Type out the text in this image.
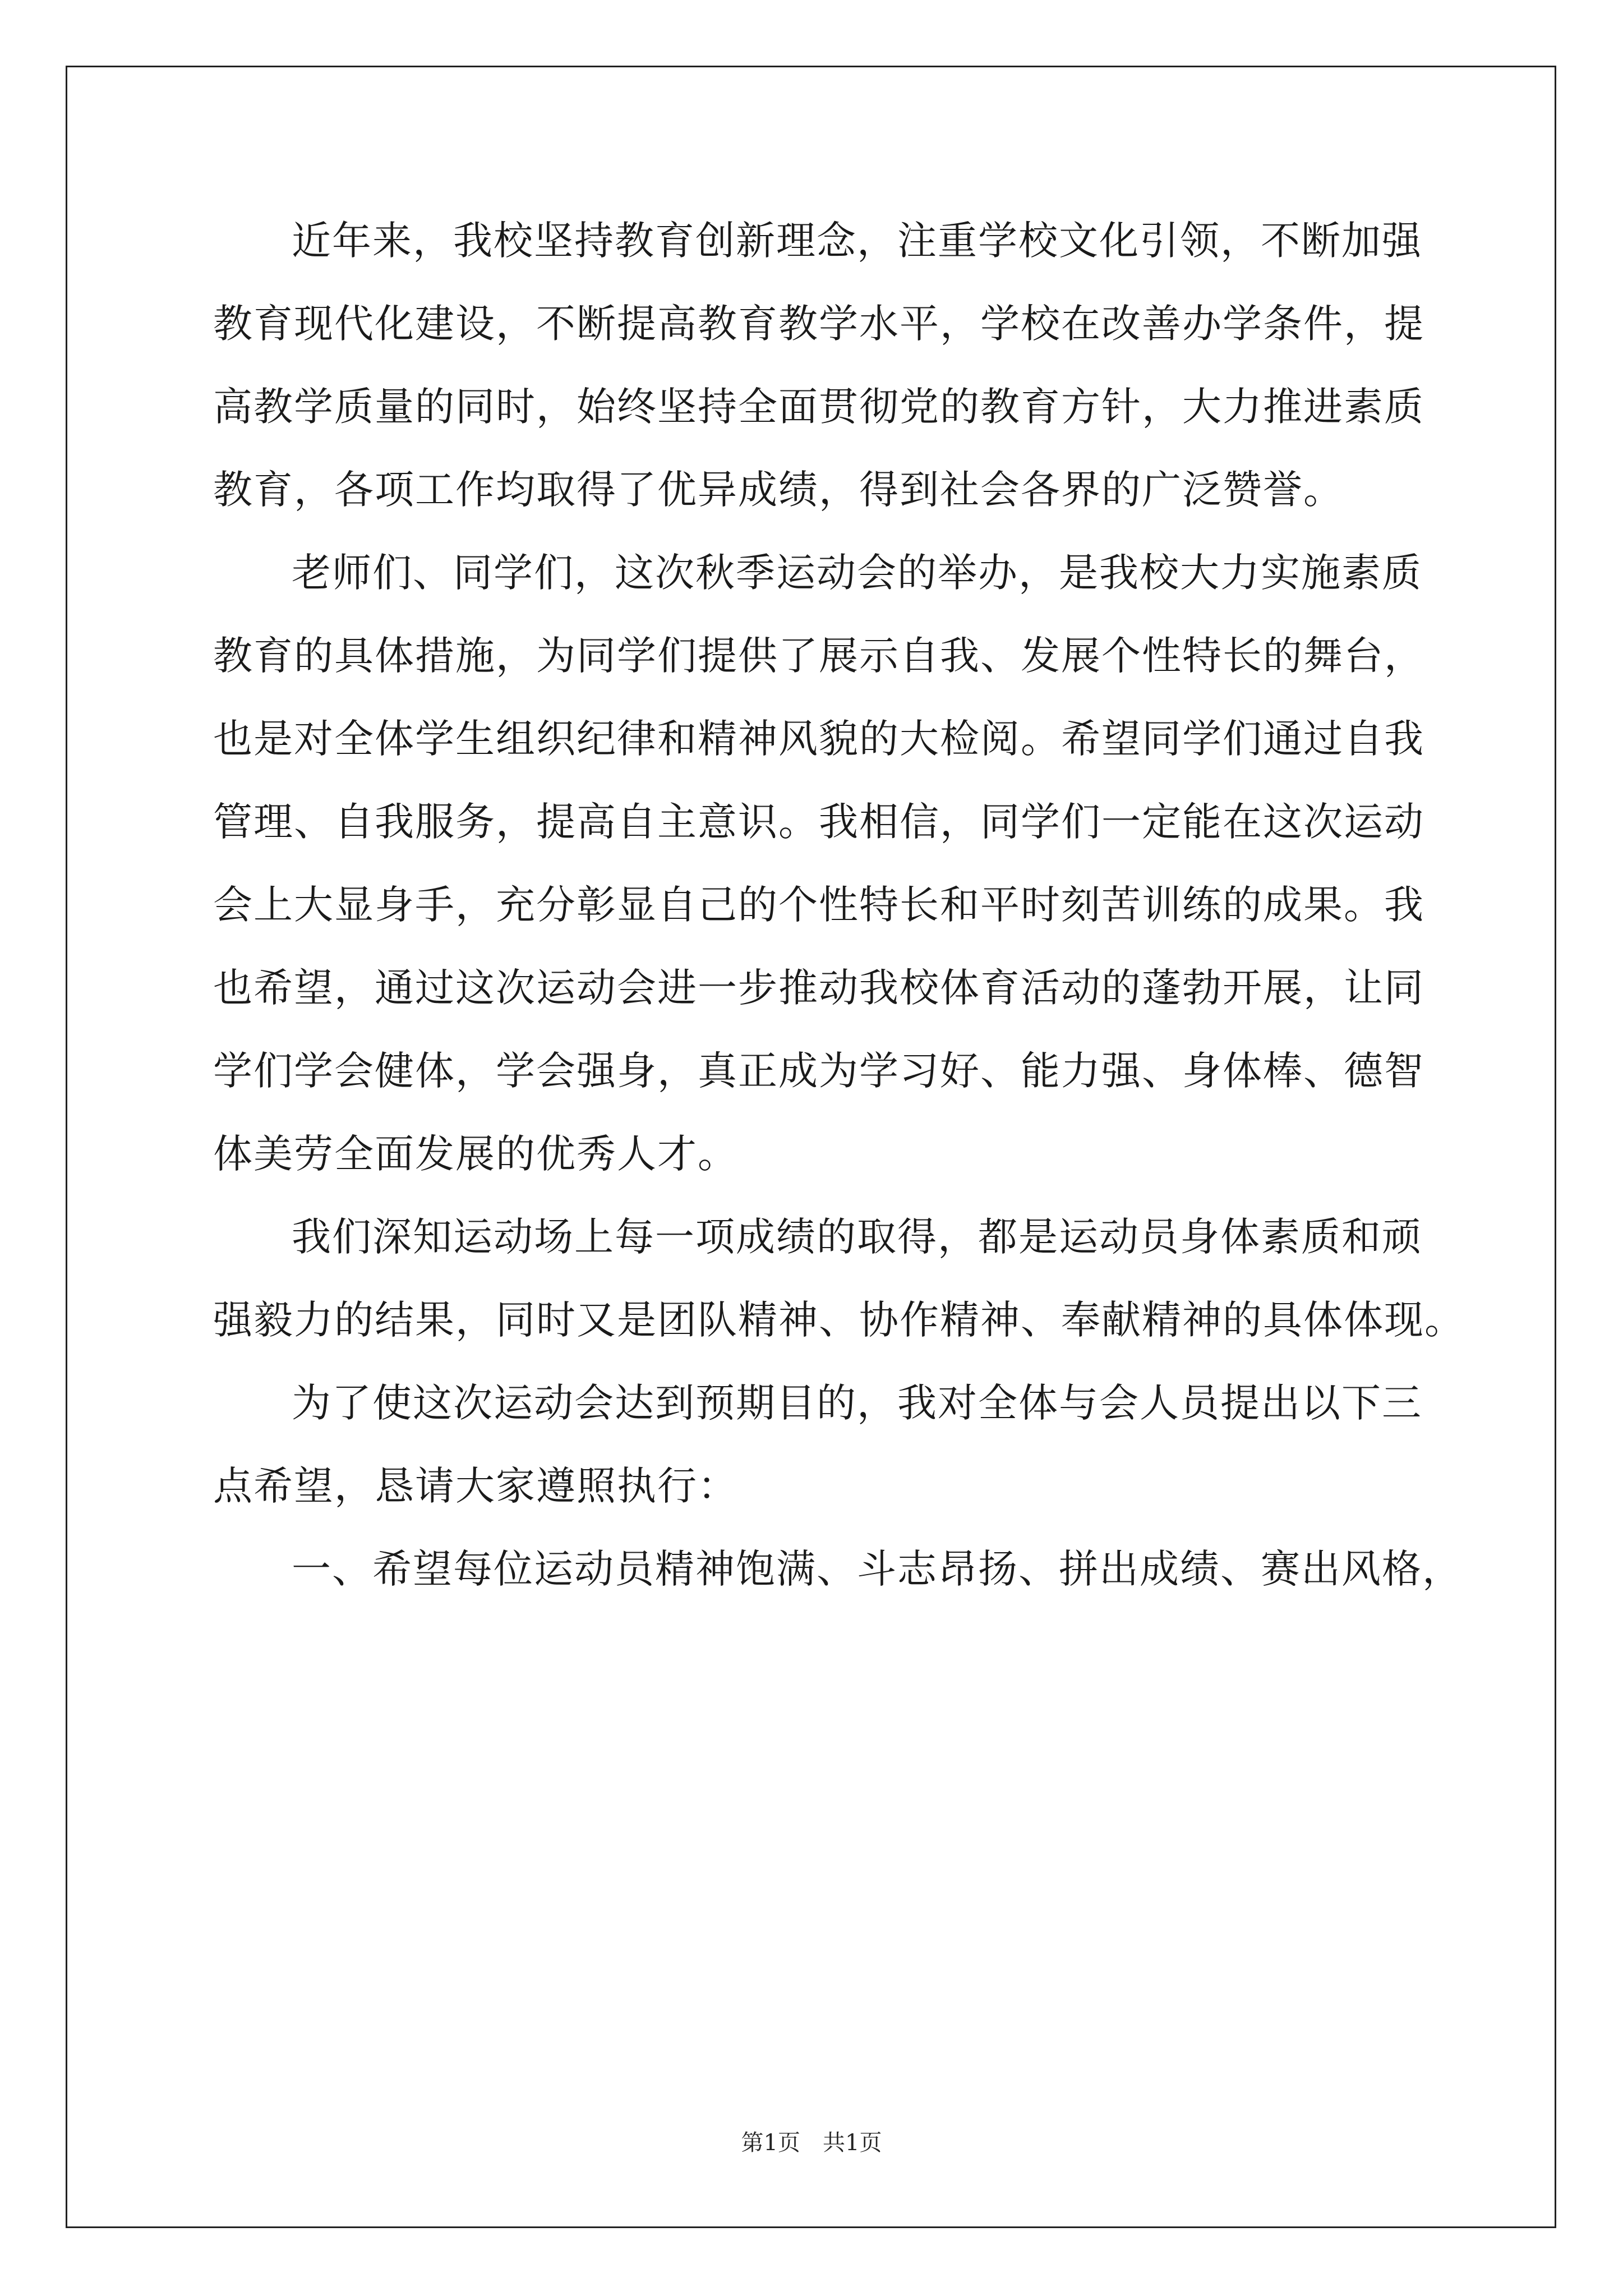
近年来，我校坚持教育创新理念，注重学校文化引领，不断加强
教育现代化建设，不断提高教育教学水平，学校在改善办学条件，提
高教学质量的同时，始终坚持全面贯彻党的教育方针，大力推进素质
教育，各项工作均取得了优异成绩，得到社会各界的广泛赞誉。
老师们、同学们，这次秋季运动会的举办，是我校大力实施素质
教育的具体措施，为同学们提供了展示自我、发展个性特长的舞台，
也是对全体学生组织纪律和精神风貌的大检阅。希望同学们通过自我
管理、自我服务，提高自主意识。我相信，同学们一定能在这次运动
会上大显身手，充分彰显自己的个性特长和平时刻苦训练的成果。我
也希望，通过这次运动会进一步推动我校体育活动的蓬勃开展，让同
学们学会健体，学会强身，真正成为学习好、能力强、身体棒、德智
体美劳全面发展的优秀人才。
我们深知运动场上每一项成绩的取得，都是运动员身体素质和顽
强毅力的结果，同时又是团队精神、协作精神、奉献精神的具体体现。
为了使这次运动会达到预期目的，我对全体与会人员提出以下三
点希望，恳请大家遵照执行：
一、希望每位运动员精神饱满、斗志昂扬、拼出成绩、赛出风格，
第1页　共1页
